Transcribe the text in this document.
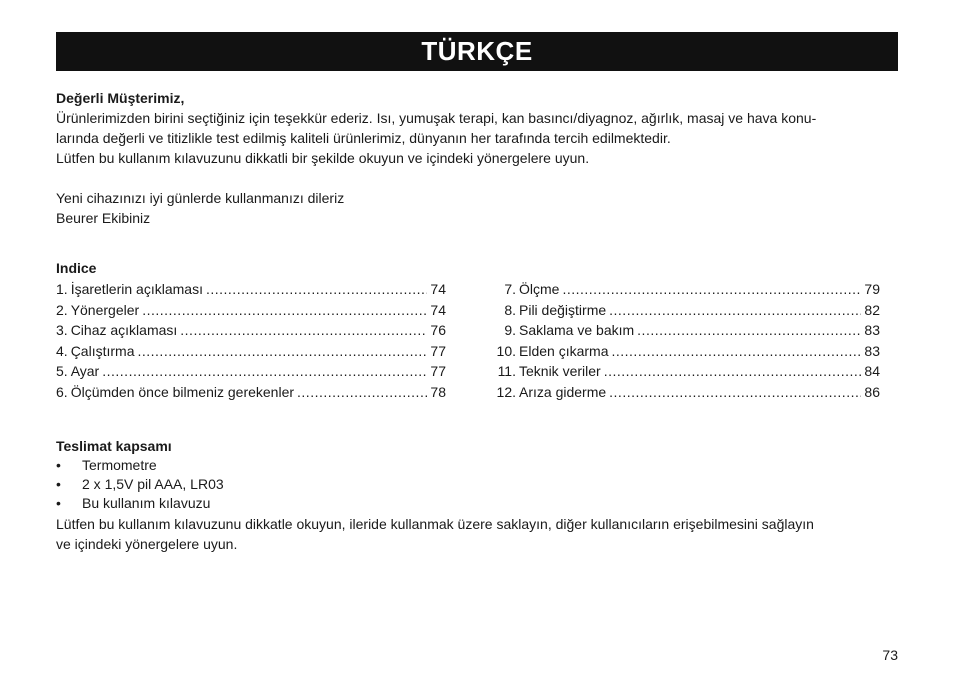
TÜRKÇE

Değerli Müşterimiz,

Ürünlerimizden birini seçtiğiniz için teşekkür ederiz. Isı, yumuşak terapi, kan basıncı/diyagnoz, ağırlık, masaj ve hava konu-

larında değerli ve titizlikle test edilmiş kaliteli ürünlerimiz, dünyanın her tarafında tercih edilmektedir.

Lütfen bu kullanım kılavuzunu dikkatli bir şekilde okuyun ve içindeki yönergelere uyun.

Yeni cihazınızı iyi günlerde kullanmanızı dileriz

Beurer Ekibiniz

Indice

1. İşaretlerin açıklaması .....	74
2. Yönergeler .....	74
3. Cihaz açıklaması .....	76
4. Çalıştırma .....	77
5. Ayar .....	77
6. Ölçümden önce bilmeniz gerekenler .....	78
7. Ölçme .....	79
8. Pili değiştirme .....	82
9. Saklama ve bakım .....	83
10. Elden çıkarma .....	83
11. Teknik veriler .....	84
12. Arıza giderme .....	86

Teslimat kapsamı

• Termometre
• 2 x 1,5V pil AAA, LR03
• Bu kullanım kılavuzu

Lütfen bu kullanım kılavuzunu dikkatle okuyun, ileride kullanmak üzere saklayın, diğer kullanıcıların erişebilmesini sağlayın

ve içindeki yönergelere uyun.

73
